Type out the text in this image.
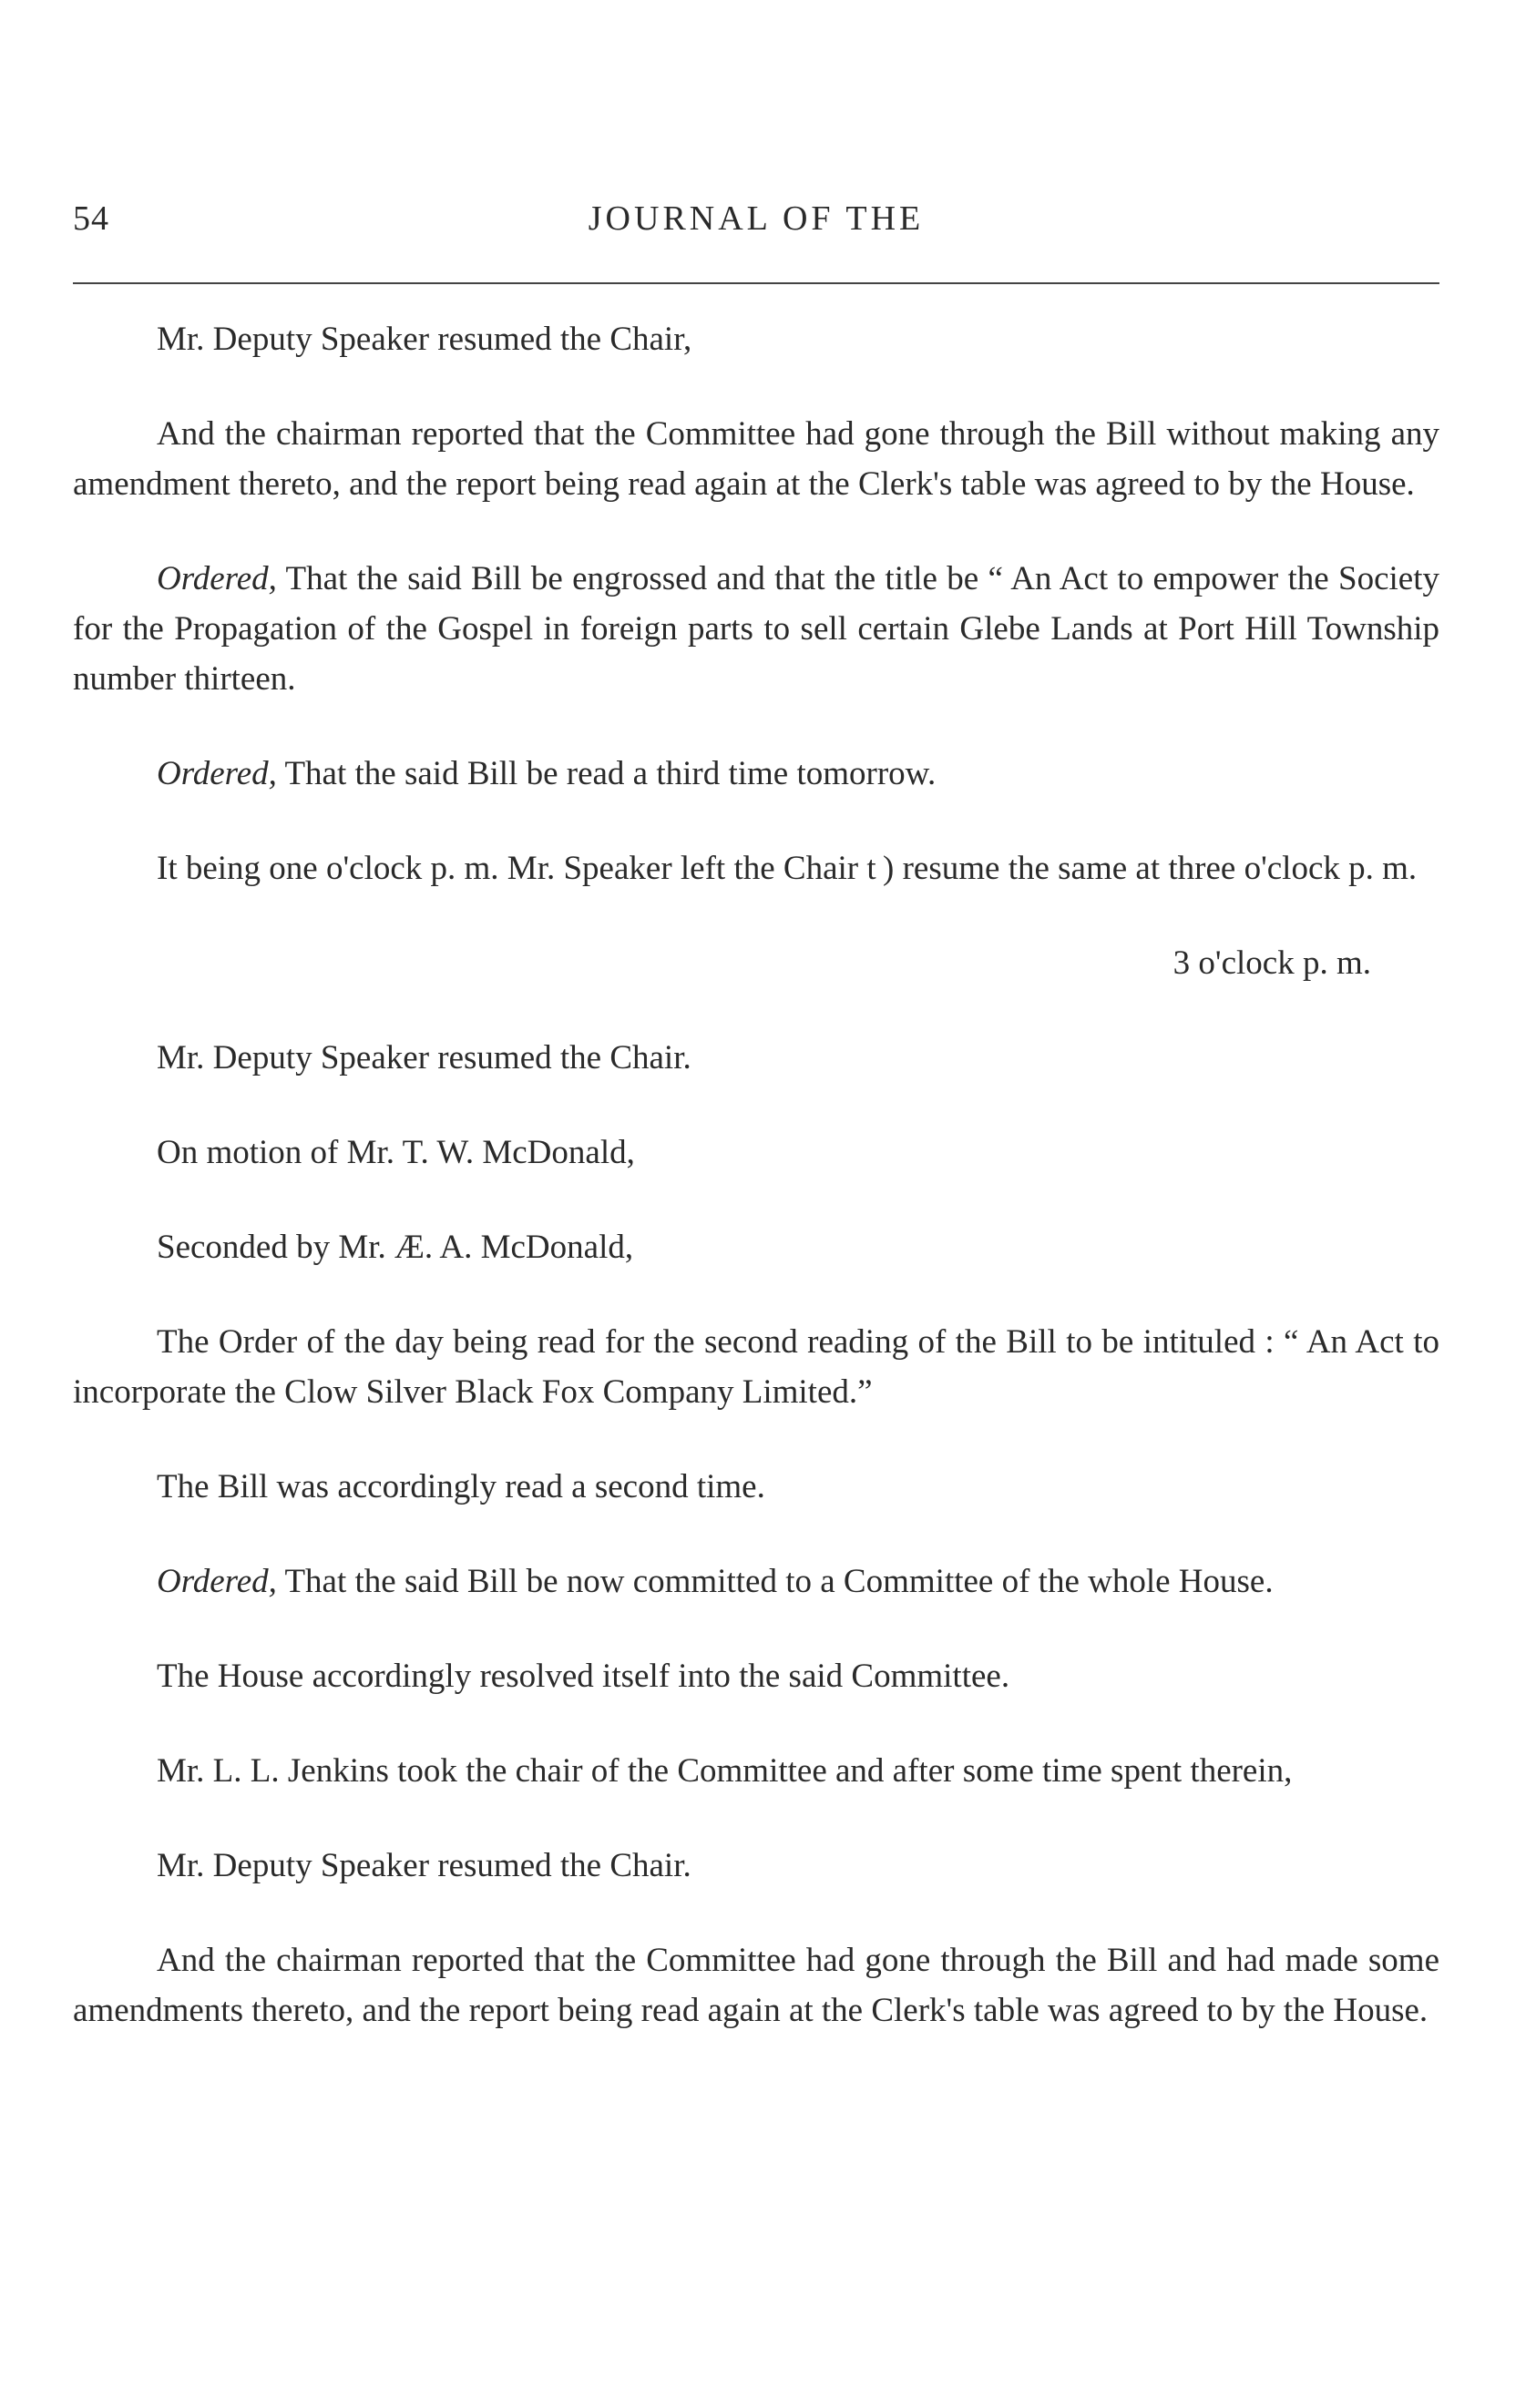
54	JOURNAL OF THE

Mr. Deputy Speaker resumed the Chair,

And the chairman reported that the Committee had gone through the Bill without making any amendment thereto, and the report being read again at the Clerk's table was agreed to by the House.

Ordered, That the said Bill be engrossed and that the title be “ An Act to empower the Society for the Propagation of the Gospel in foreign parts to sell certain Glebe Lands at Port Hill Township number thirteen.

Ordered, That the said Bill be read a third time tomorrow.

It being one o'clock p. m. Mr. Speaker left the Chair t ) resume the same at three o'clock p. m.

3 o'clock p. m.

Mr. Deputy Speaker resumed the Chair.

On motion of Mr. T. W. McDonald,

Seconded by Mr. Æ. A. McDonald,

The Order of the day being read for the second reading of the Bill to be intituled : “ An Act to incorporate the Clow Silver Black Fox Company Limited.”

The Bill was accordingly read a second time.

Ordered, That the said Bill be now committed to a Committee of the whole House.

The House accordingly resolved itself into the said Committee.

Mr. L. L. Jenkins took the chair of the Committee and after some time spent therein,

Mr. Deputy Speaker resumed the Chair.

And the chairman reported that the Committee had gone through the Bill and had made some amendments thereto, and the report being read again at the Clerk's table was agreed to by the House.
